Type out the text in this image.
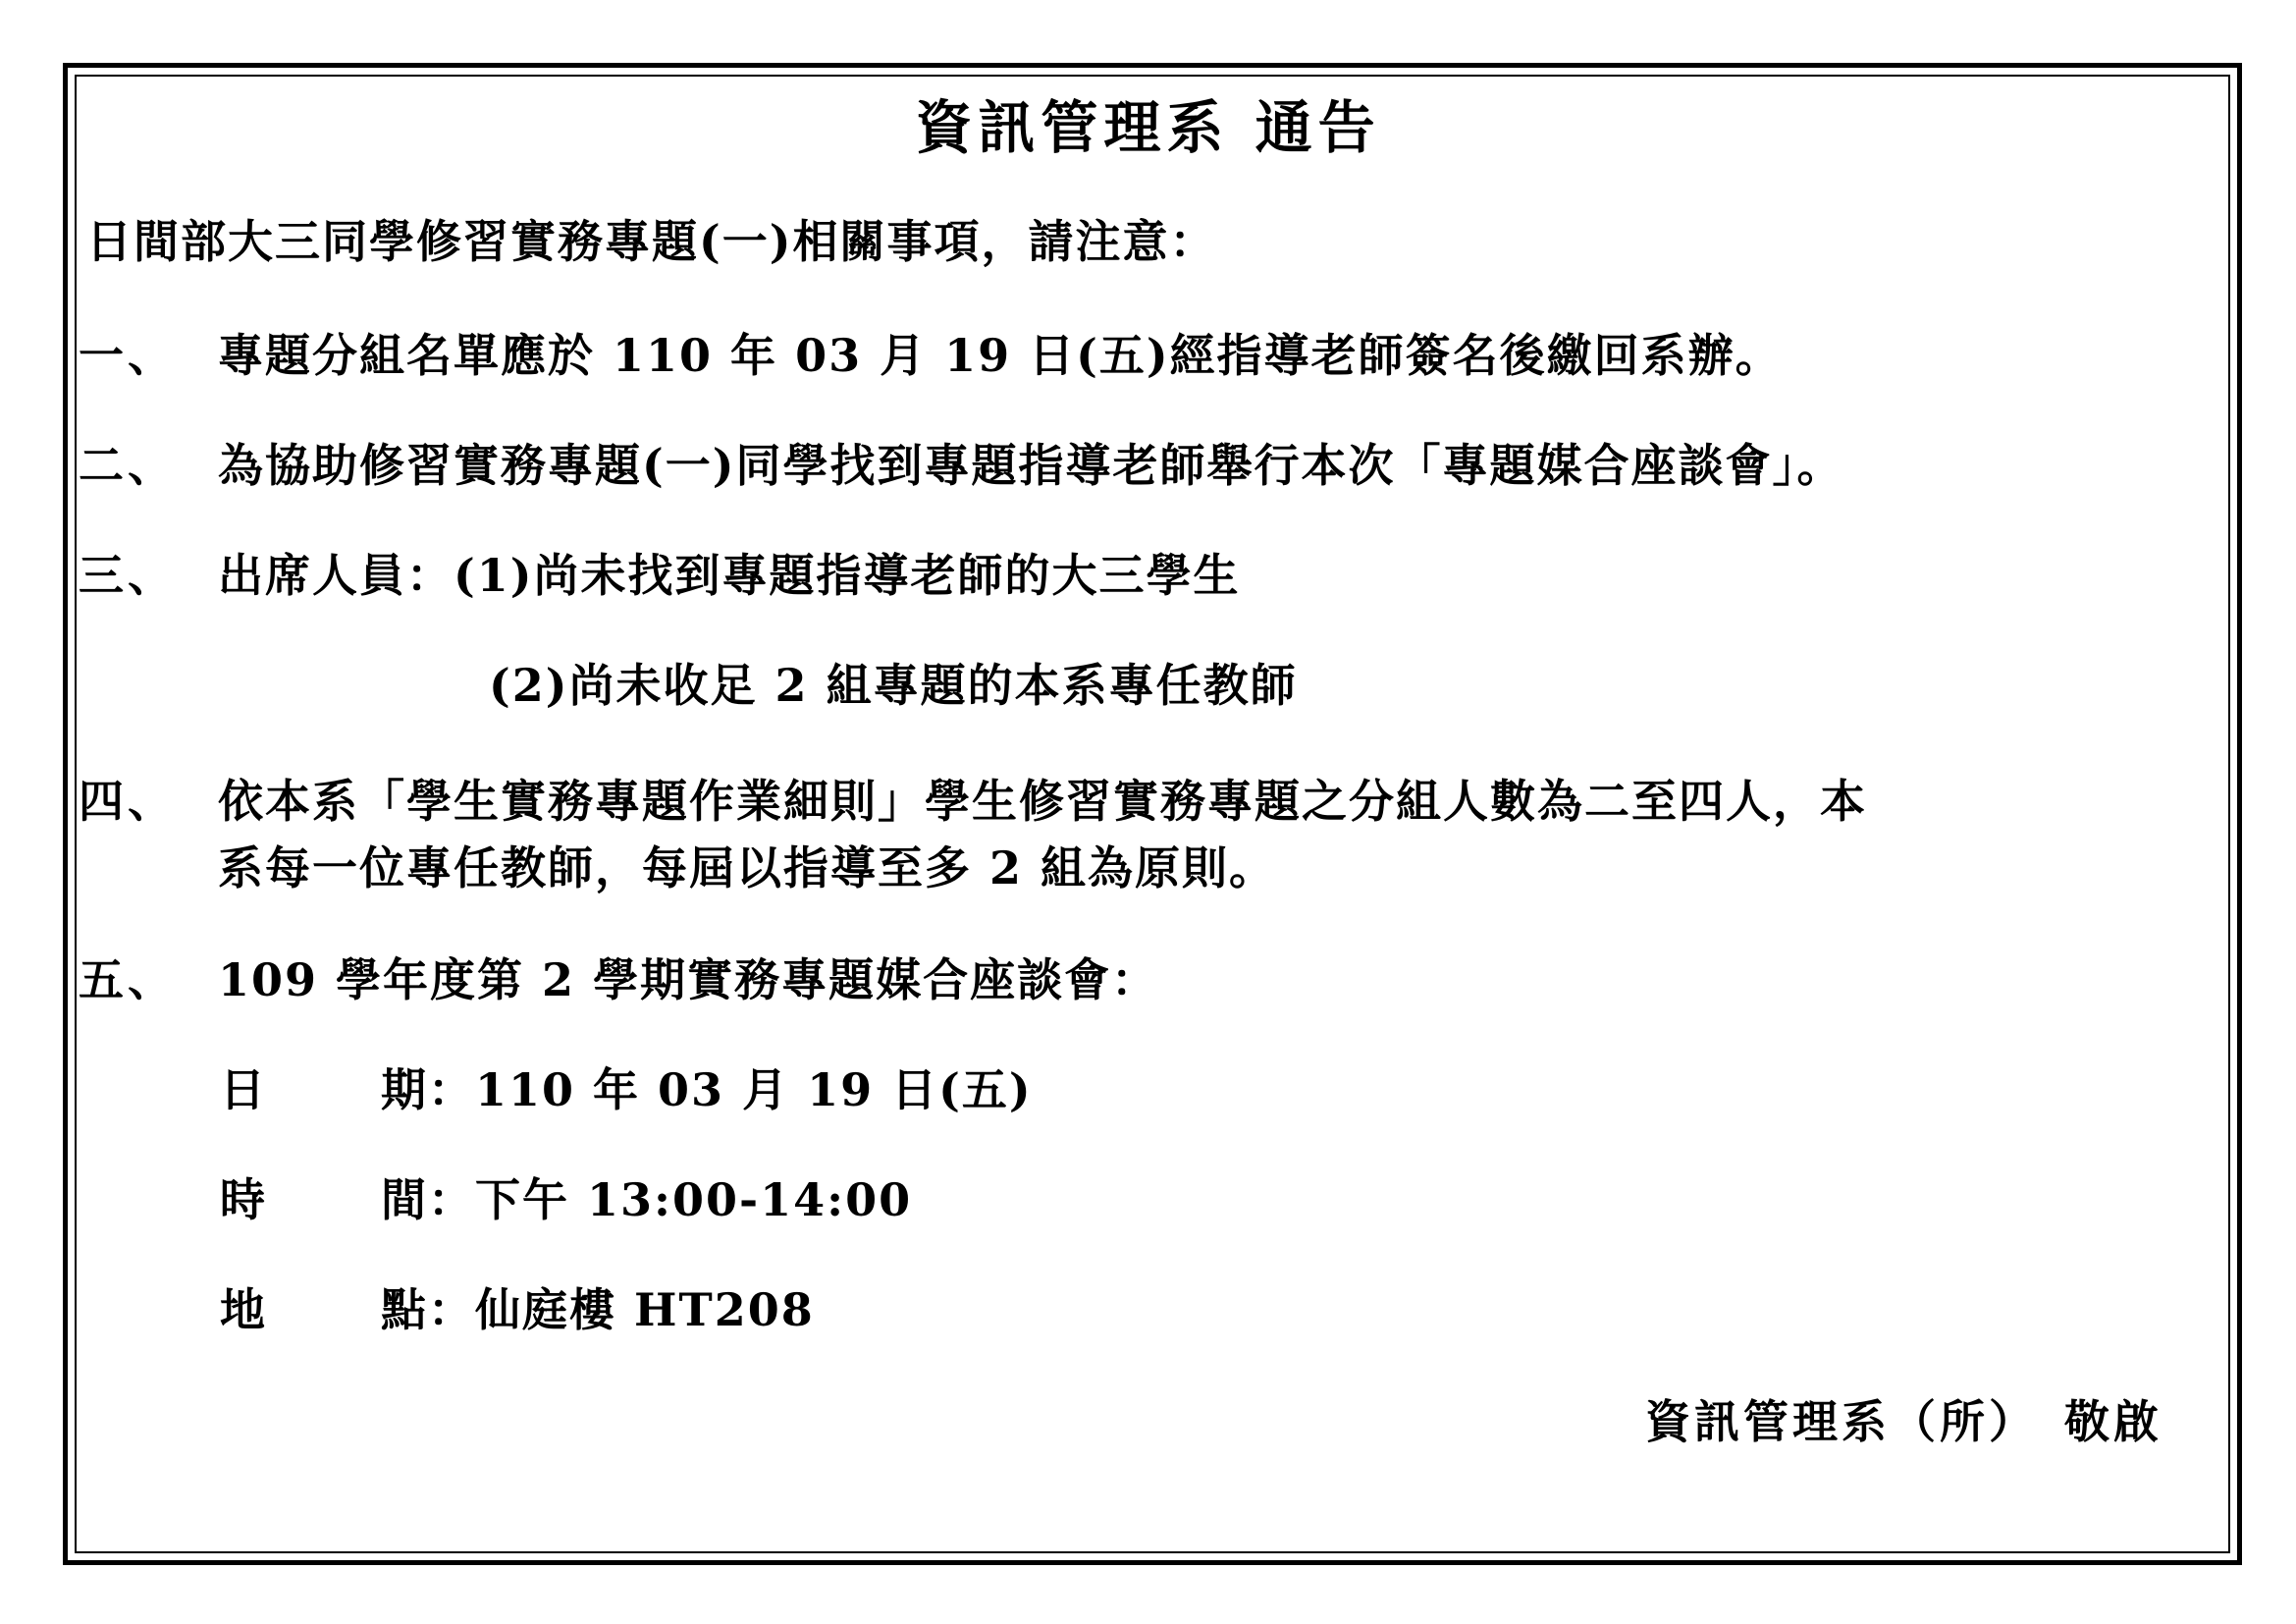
資訊管理系 通告
日間部大三同學修習實務專題(一)相關事項，請注意：
一、 專題分組名單應於 110 年 03 月 19 日(五)經指導老師簽名後繳回系辦。
二、 為協助修習實務專題(一)同學找到專題指導老師舉行本次「專題媒合座談會」。
三、 出席人員：(1)尚未找到專題指導老師的大三學生
(2)尚未收足 2 組專題的本系專任教師
四、 依本系「學生實務專題作業細則」學生修習實務專題之分組人數為二至四人，本
系每一位專任教師，每屆以指導至多 2 組為原則。
五、 109 學年度第 2 學期實務專題媒合座談會：
日	期：110 年 03 月 19 日(五)
時	間：下午 13:00-14:00
地	點：仙庭樓 HT208
資訊管理系（所）　敬啟
